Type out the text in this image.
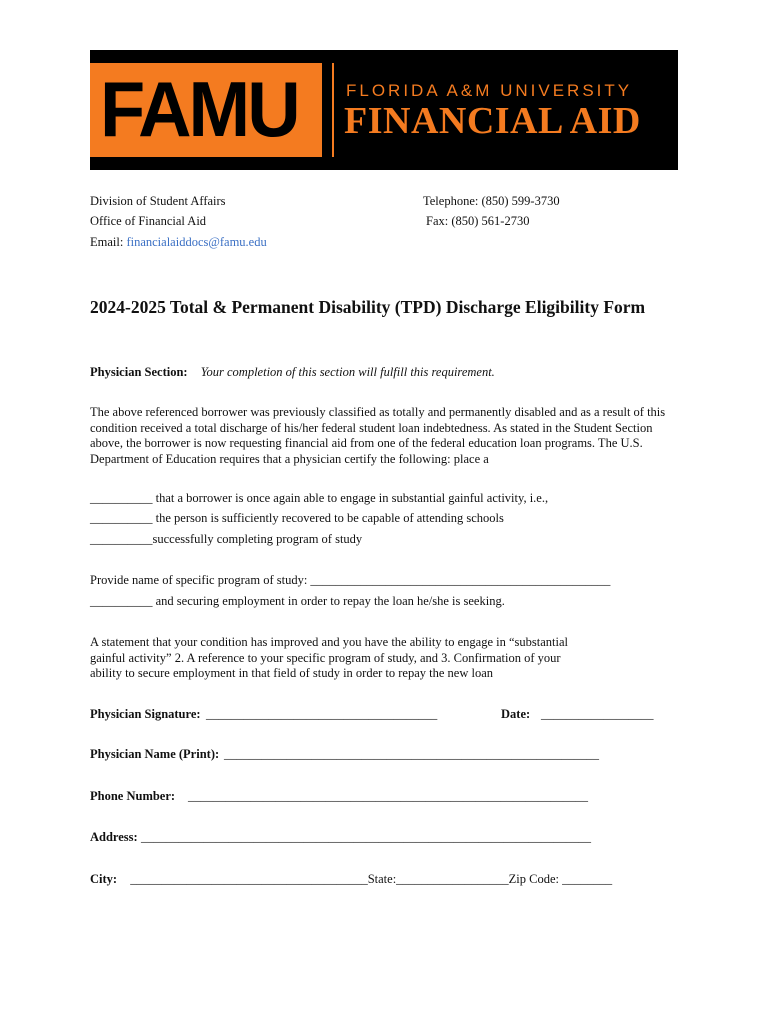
FAMU	FLORIDA A&M UNIVERSITY
FINANCIAL AID
Division of Student Affairs
Office of Financial Aid
Email: financialaiddocs@famu.edu
Telephone: (850) 599-3730
Fax: (850) 561-2730
2024-2025 Total & Permanent Disability (TPD) Discharge Eligibility Form
Physician Section: Your completion of this section will fulfill this requirement.
The above referenced borrower was previously classified as totally and permanently disabled and as a result of this condition received a total discharge of his/her federal student loan indebtedness. As stated in the Student Section above, the borrower is now requesting financial aid from one of the federal education loan programs. The U.S. Department of Education requires that a physician certify the following: place a
__________ that a borrower is once again able to engage in substantial gainful activity, i.e.,
__________ the person is sufficiently recovered to be capable of attending schools
__________successfully completing program of study
Provide name of specific program of study: ________________________________________________
__________ and securing employment in order to repay the loan he/she is seeking.
A statement that your condition has improved and you have the ability to engage in “substantial gainful activity” 2. A reference to your specific program of study, and 3. Confirmation of your ability to secure employment in that field of study in order to repay the new loan
Physician Signature: _____________________________________	Date: __________________
Physician Name (Print): ____________________________________________________________
Phone Number: ________________________________________________________________
Address: ________________________________________________________________________
City: ______________________________________State:__________________Zip Code: ________
